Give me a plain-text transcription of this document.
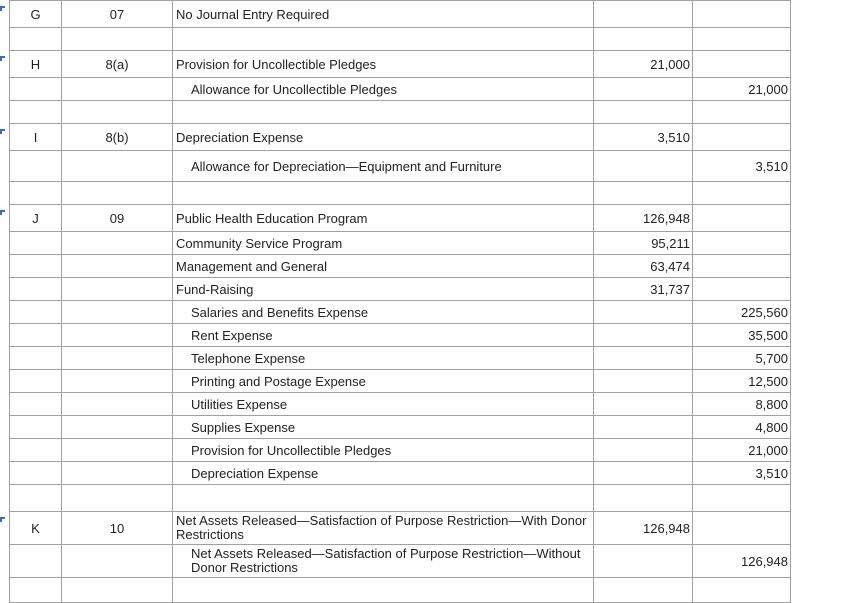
G	07	No Journal Entry Required		

H	8(a)	Provision for Uncollectible Pledges	21,000	
		Allowance for Uncollectible Pledges		21,000

I	8(b)	Depreciation Expense	3,510	
		Allowance for Depreciation—Equipment and Furniture		3,510

J	09	Public Health Education Program	126,948	
		Community Service Program	95,211	
		Management and General	63,474	
		Fund-Raising	31,737	
		Salaries and Benefits Expense		225,560
		Rent Expense		35,500
		Telephone Expense		5,700
		Printing and Postage Expense		12,500
		Utilities Expense		8,800
		Supplies Expense		4,800
		Provision for Uncollectible Pledges		21,000
		Depreciation Expense		3,510

K	10	Net Assets Released—Satisfaction of Purpose Restriction—With Donor Restrictions	126,948	
		Net Assets Released—Satisfaction of Purpose Restriction—Without Donor Restrictions		126,948
